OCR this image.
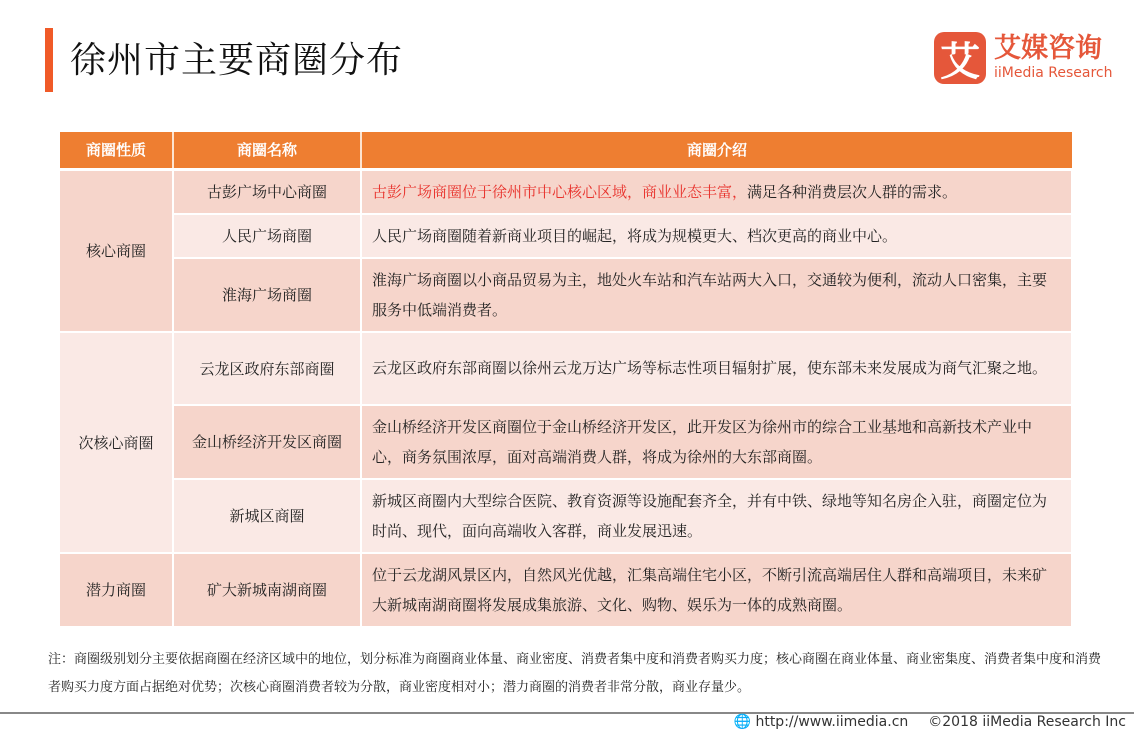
徐州市主要商圈分布	艾 艾媒咨询
iiMedia Research
商圈性质	商圈名称	商圈介绍
核心商圈	古彭广场中心商圈	古彭广场商圈位于徐州市中心核心区域，商业业态丰富，满足各种消费层次人群的需求。
	人民广场商圈	人民广场商圈随着新商业项目的崛起，将成为规模更大、档次更高的商业中心。
	淮海广场商圈	淮海广场商圈以小商品贸易为主，地处火车站和汽车站两大入口，交通较为便利，流动人口密集，主要服务中低端消费者。
次核心商圈	云龙区政府东部商圈	云龙区政府东部商圈以徐州云龙万达广场等标志性项目辐射扩展，使东部未来发展成为商气汇聚之地。
	金山桥经济开发区商圈	金山桥经济开发区商圈位于金山桥经济开发区，此开发区为徐州市的综合工业基地和高新技术产业中心，商务氛围浓厚，面对高端消费人群，将成为徐州的大东部商圈。
	新城区商圈	新城区商圈内大型综合医院、教育资源等设施配套齐全，并有中铁、绿地等知名房企入驻，商圈定位为时尚、现代，面向高端收入客群，商业发展迅速。
潜力商圈	矿大新城南湖商圈	位于云龙湖风景区内，自然风光优越，汇集高端住宅小区，不断引流高端居住人群和高端项目，未来矿大新城南湖商圈将发展成集旅游、文化、购物、娱乐为一体的成熟商圈。
注：商圈级别划分主要依据商圈在经济区域中的地位，划分标准为商圈商业体量、商业密度、消费者集中度和消费者购买力度；核心商圈在商业体量、商业密集度、消费者集中度和消费者购买力度方面占据绝对优势；次核心商圈消费者较为分散，商业密度相对小；潜力商圈的消费者非常分散，商业存量少。
🌐 http://www.iimedia.cn ©2018 iiMedia Research Inc
